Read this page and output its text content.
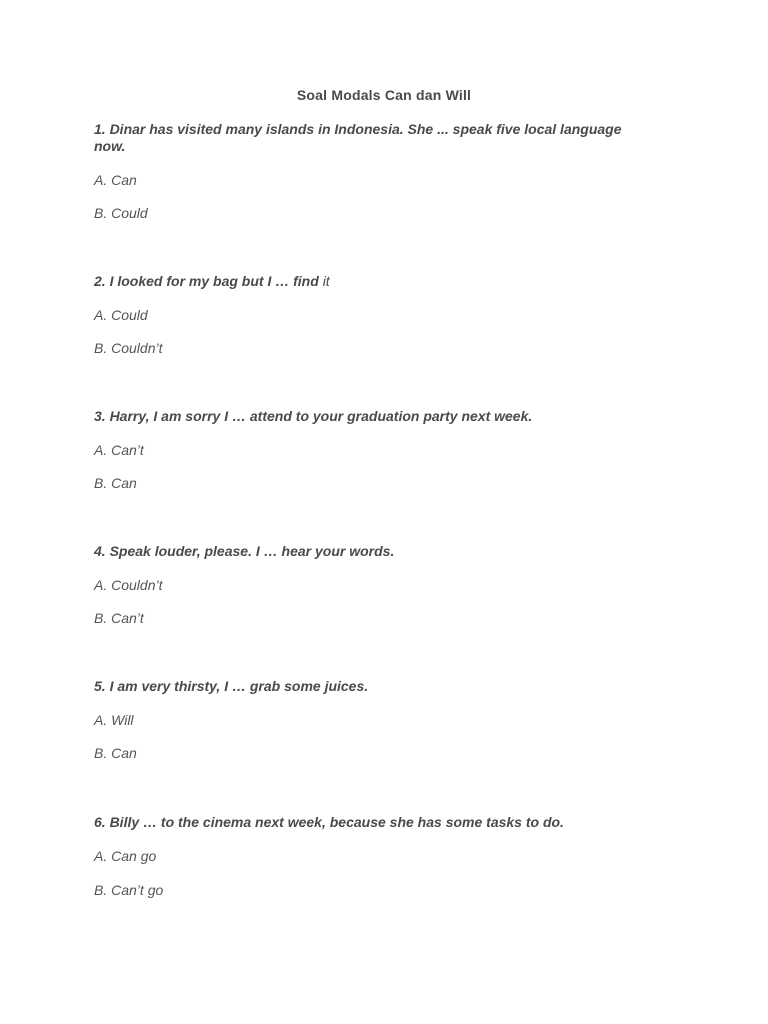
Soal Modals Can dan Will

1. Dinar has visited many islands in Indonesia. She ... speak five local language now.

A. Can

B. Could

2. I looked for my bag but I … find it

A. Could

B. Couldn’t

3. Harry, I am sorry I … attend to your graduation party next week.

A. Can’t

B. Can

4. Speak louder, please. I … hear your words.

A. Couldn’t

B. Can’t

5. I am very thirsty, I … grab some juices.

A. Will

B. Can

6. Billy … to the cinema next week, because she has some tasks to do.

A. Can go

B. Can’t go
